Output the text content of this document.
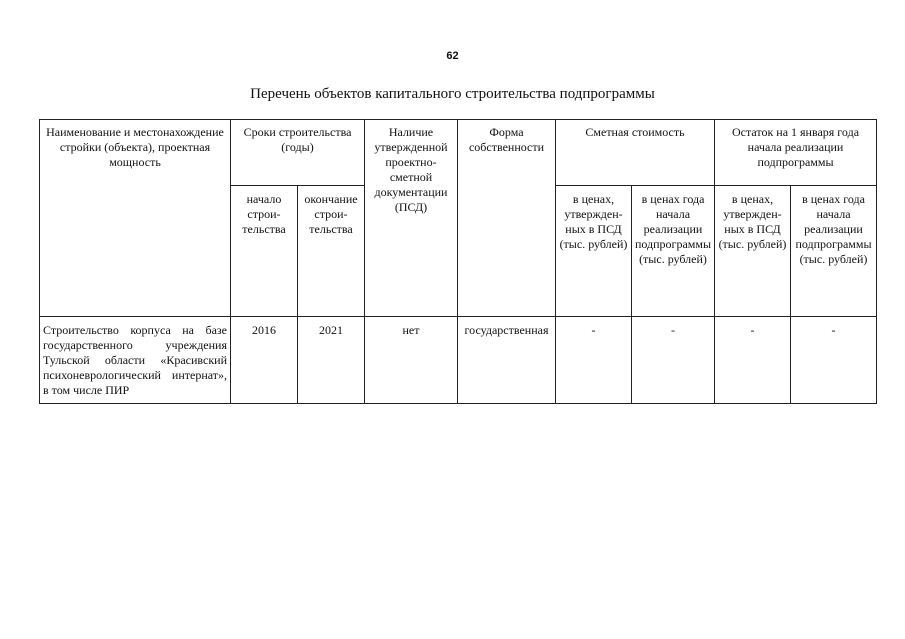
62
Перечень объектов капитального строительства подпрограммы
Наименование и местонахождение стройки (объекта), проектная мощность	Сроки строительства (годы)		Наличие утвержденной проектно-сметной документации (ПСД)	Форма собственности	Сметная стоимость		Остаток на 1 января года начала реализации подпрограммы	
	начало строи-тельства	окончание строи-тельства			в ценах, утвержден-ных в ПСД (тыс. рублей)	в ценах года начала реализации подпрограммы (тыс. рублей)	в ценах, утвержден-ных в ПСД (тыс. рублей)	в ценах года начала реализации подпрограммы (тыс. рублей)
Строительство корпуса на базе государственного учреждения Тульской области «Красивский психоневрологический интернат», в том числе ПИР	2016	2021	нет	государственная	-	-	-	-
